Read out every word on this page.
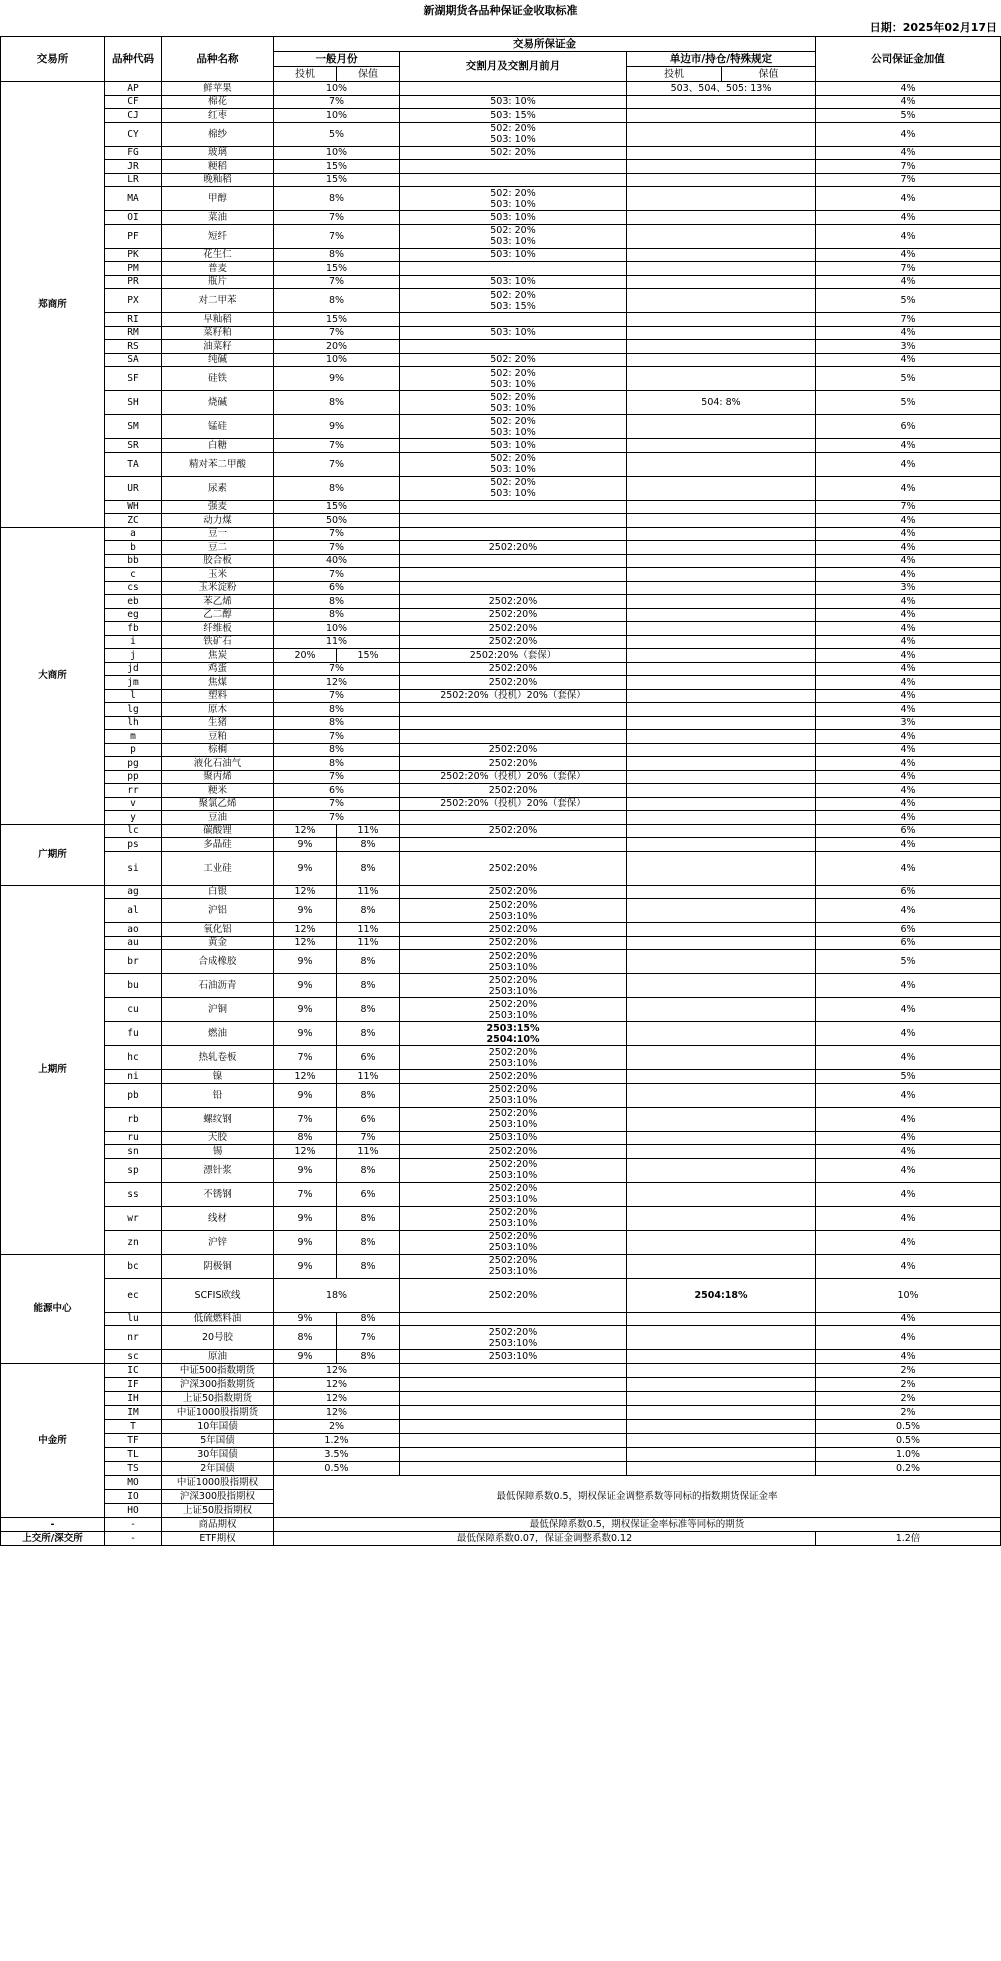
新湖期货各品种保证金收取标准
日期：2025年02月17日
交易所	品种代码	品种名称	交易所保证金					公司保证金加值
			一般月份		交割月及交割月前月	单边市/持仓/特殊规定		
			投机	保值		投机	保值	
郑商所	AP	鲜苹果	10%			503、504、505: 13%		4%
	CF	棉花	7%		503: 10%			4%
	CJ	红枣	10%		503: 15%			5%
	CY	棉纱	5%		502: 20%
503: 10%			4%
	FG	玻璃	10%		502: 20%			4%
	JR	粳稻	15%					7%
	LR	晚籼稻	15%					7%
	MA	甲醇	8%		502: 20%
503: 10%			4%
	OI	菜油	7%		503: 10%			4%
	PF	短纤	7%		502: 20%
503: 10%			4%
	PK	花生仁	8%		503: 10%			4%
	PM	普麦	15%					7%
	PR	瓶片	7%		503: 10%			4%
	PX	对二甲苯	8%		502: 20%
503: 15%			5%
	RI	早籼稻	15%					7%
	RM	菜籽粕	7%		503: 10%			4%
	RS	油菜籽	20%					3%
	SA	纯碱	10%		502: 20%			4%
	SF	硅铁	9%		502: 20%
503: 10%			5%
	SH	烧碱	8%		502: 20%
503: 10%	504: 8%		5%
	SM	锰硅	9%		502: 20%
503: 10%			6%
	SR	白糖	7%		503: 10%			4%
	TA	精对苯二甲酸	7%		502: 20%
503: 10%			4%
	UR	尿素	8%		502: 20%
503: 10%			4%
	WH	强麦	15%					7%
	ZC	动力煤	50%					4%
大商所	a	豆一	7%					4%
	b	豆二	7%		2502:20%			4%
	bb	胶合板	40%					4%
	c	玉米	7%					4%
	cs	玉米淀粉	6%					3%
	eb	苯乙烯	8%		2502:20%			4%
	eg	乙二醇	8%		2502:20%			4%
	fb	纤维板	10%		2502:20%			4%
	i	铁矿石	11%		2502:20%			4%
	j	焦炭	20%	15%	2502:20%（套保）			4%
	jd	鸡蛋	7%		2502:20%			4%
	jm	焦煤	12%		2502:20%			4%
	l	塑料	7%		2502:20%（投机）20%（套保）			4%
	lg	原木	8%					4%
	lh	生猪	8%					3%
	m	豆粕	7%					4%
	p	棕榈	8%		2502:20%			4%
	pg	液化石油气	8%		2502:20%			4%
	pp	聚丙烯	7%		2502:20%（投机）20%（套保）			4%
	rr	粳米	6%		2502:20%			4%
	v	聚氯乙烯	7%		2502:20%（投机）20%（套保）			4%
	y	豆油	7%					4%
广期所	lc	碳酸锂	12%	11%	2502:20%			6%
	ps	多晶硅	9%	8%				4%
	si	工业硅	9%	8%	2502:20%			4%
上期所	ag	白银	12%	11%	2502:20%			6%
	al	沪铝	9%	8%	2502:20%
2503:10%			4%
	ao	氧化铝	12%	11%	2502:20%			6%
	au	黄金	12%	11%	2502:20%			6%
	br	合成橡胶	9%	8%	2502:20%
2503:10%			5%
	bu	石油沥青	9%	8%	2502:20%
2503:10%			4%
	cu	沪铜	9%	8%	2502:20%
2503:10%			4%
	fu	燃油	9%	8%	2503:15%
2504:10%			4%
	hc	热轧卷板	7%	6%	2502:20%
2503:10%			4%
	ni	镍	12%	11%	2502:20%			5%
	pb	铅	9%	8%	2502:20%
2503:10%			4%
	rb	螺纹钢	7%	6%	2502:20%
2503:10%			4%
	ru	天胶	8%	7%	2503:10%			4%
	sn	锡	12%	11%	2502:20%			4%
	sp	漂针浆	9%	8%	2502:20%
2503:10%			4%
	ss	不锈钢	7%	6%	2502:20%
2503:10%			4%
	wr	线材	9%	8%	2502:20%
2503:10%			4%
	zn	沪锌	9%	8%	2502:20%
2503:10%			4%
能源中心	bc	阴极铜	9%	8%	2502:20%
2503:10%			4%
	ec	SCFIS欧线	18%		2502:20%	2504:18%		10%
	lu	低硫燃料油	9%	8%				4%
	nr	20号胶	8%	7%	2502:20%
2503:10%			4%
	sc	原油	9%	8%	2503:10%			4%
中金所	IC	中证500指数期货	12%					2%
	IF	沪深300指数期货	12%					2%
	IH	上证50指数期货	12%					2%
	IM	中证1000股指期货	12%					2%
	T	10年国债	2%					0.5%
	TF	5年国债	1.2%					0.5%
	TL	30年国债	3.5%					1.0%
	TS	2年国债	0.5%					0.2%
	MO	中证1000股指期权	最低保障系数0.5，期权保证金调整系数等同标的指数期货保证金率					
	IO	沪深300股指期权						
	HO	上证50股指期权						
-	-	商品期权	最低保障系数0.5，期权保证金率标准等同标的期货					
上交所/深交所	-	ETF期权	最低保障系数0.07，保证金调整系数0.12					1.2倍
